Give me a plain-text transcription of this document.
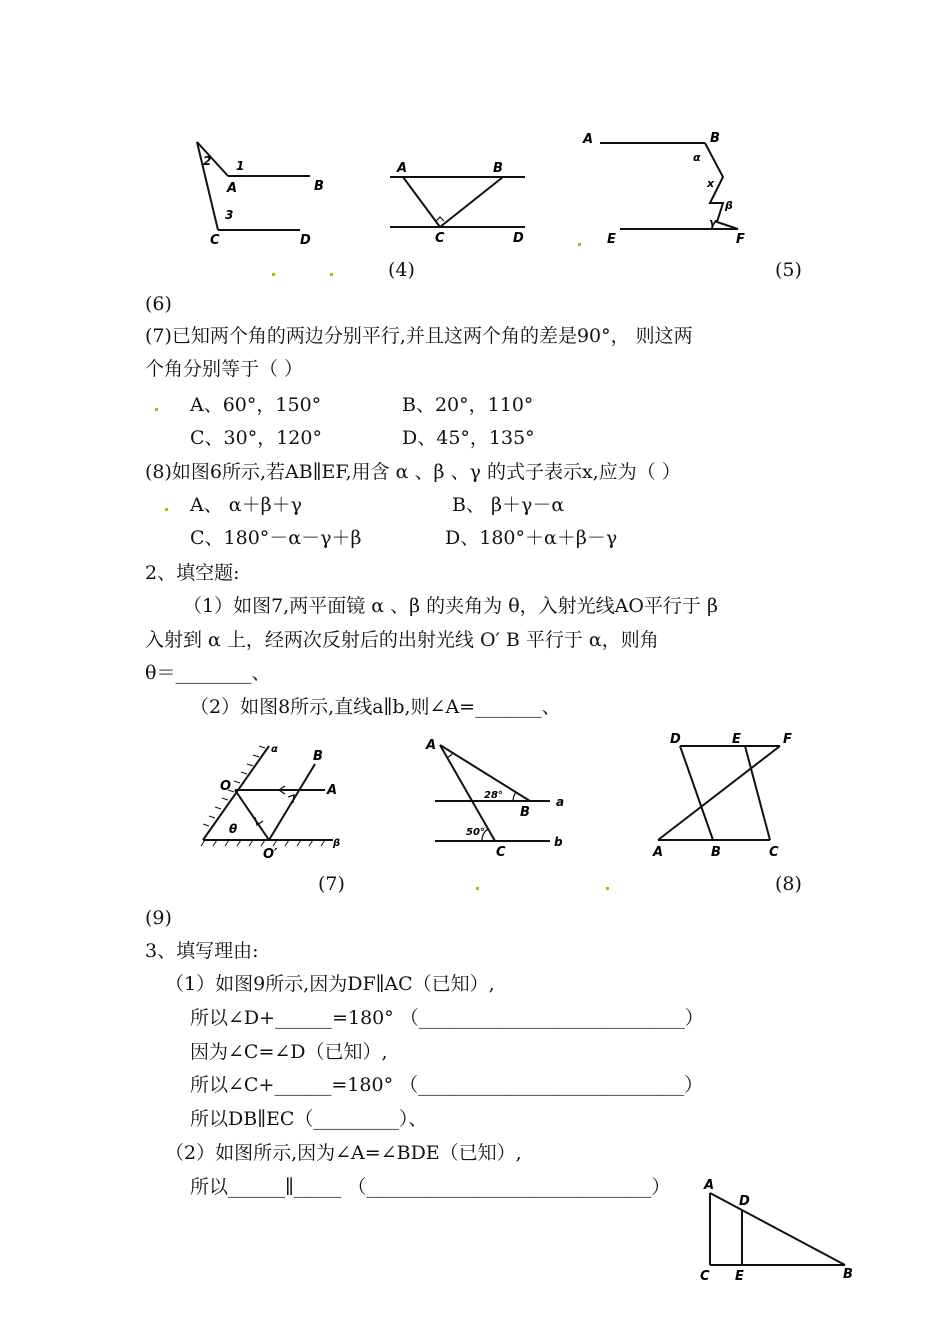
2 1
A	B
3
C	D
A	B
C	D
A	B
α
x
β
γ
E	F
(4)	(5)
(6)
(7)已知两个角的两边分别平行,并且这两个角的差是90°， 则这两
个角分别等于（ ）
A、60°，150°	B、20°，110°
C、30°，120°	D、45°，135°
(8)如图6所示,若AB∥EF,用含 α 、β 、γ 的式子表示x,应为（ ）
A、 α＋β＋γ	B、 β＋γ－α
C、180°－α－γ＋β	D、180°＋α＋β－γ
2、填空题:
（1）如图7,两平面镜 α 、β 的夹角为 θ，入射光线AO平行于 β
入射到 α 上，经两次反射后的出射光线 O′ B 平行于 α，则角
θ＝________、
（2）如图8所示,直线a∥b,则∠A=_______、
α	B
O	A
θ
O′
β
A
28°	a
B
50°
C
b
D	E	F
A	B	C
(7)	(8)
(9)
3、填写理由:
（1）如图9所示,因为DF∥AC（已知）,
所以∠D+______=180° （____________________________）
因为∠C=∠D（已知）,
所以∠C+______=180° （____________________________）
所以DB∥EC（_________）、
（2）如图所示,因为∠A=∠BDE（已知）,
所以______∥_____ （______________________________）	A
D
C E	B
